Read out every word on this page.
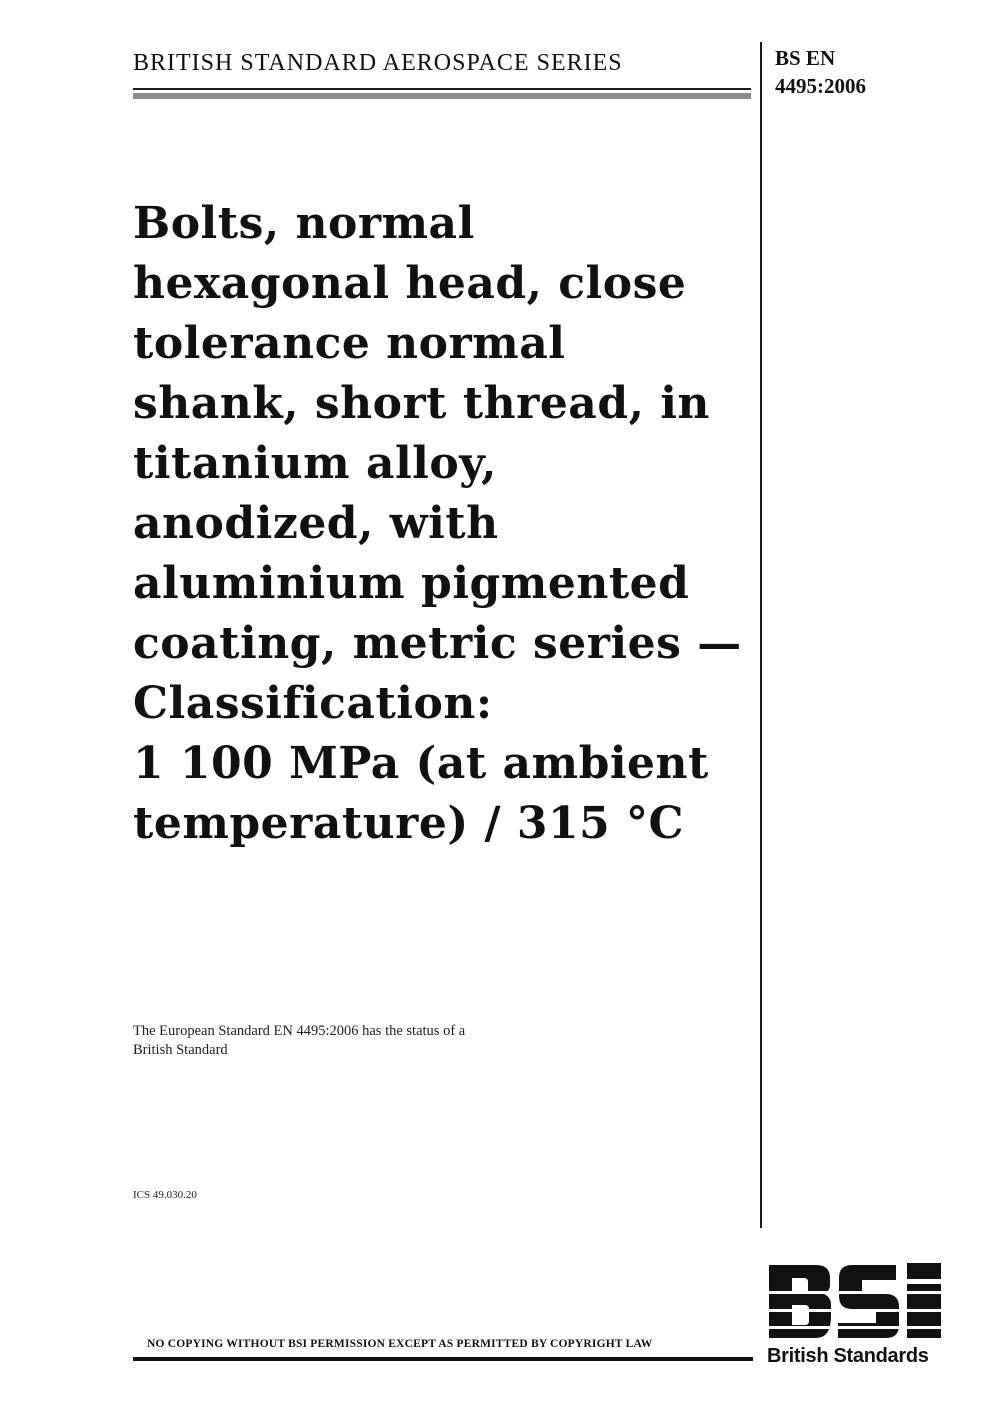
BRITISH STANDARD AEROSPACE SERIES	BS EN
4495:2006
Bolts, normal
hexagonal head, close
tolerance normal
shank, short thread, in
titanium alloy,
anodized, with
aluminium pigmented
coating, metric series —
Classification:
1 100 MPa (at ambient
temperature) / 315 °C
The European Standard EN 4495:2006 has the status of a
British Standard
ICS 49.030.20
NO COPYING WITHOUT BSI PERMISSION EXCEPT AS PERMITTED BY COPYRIGHT LAW
British Standards
